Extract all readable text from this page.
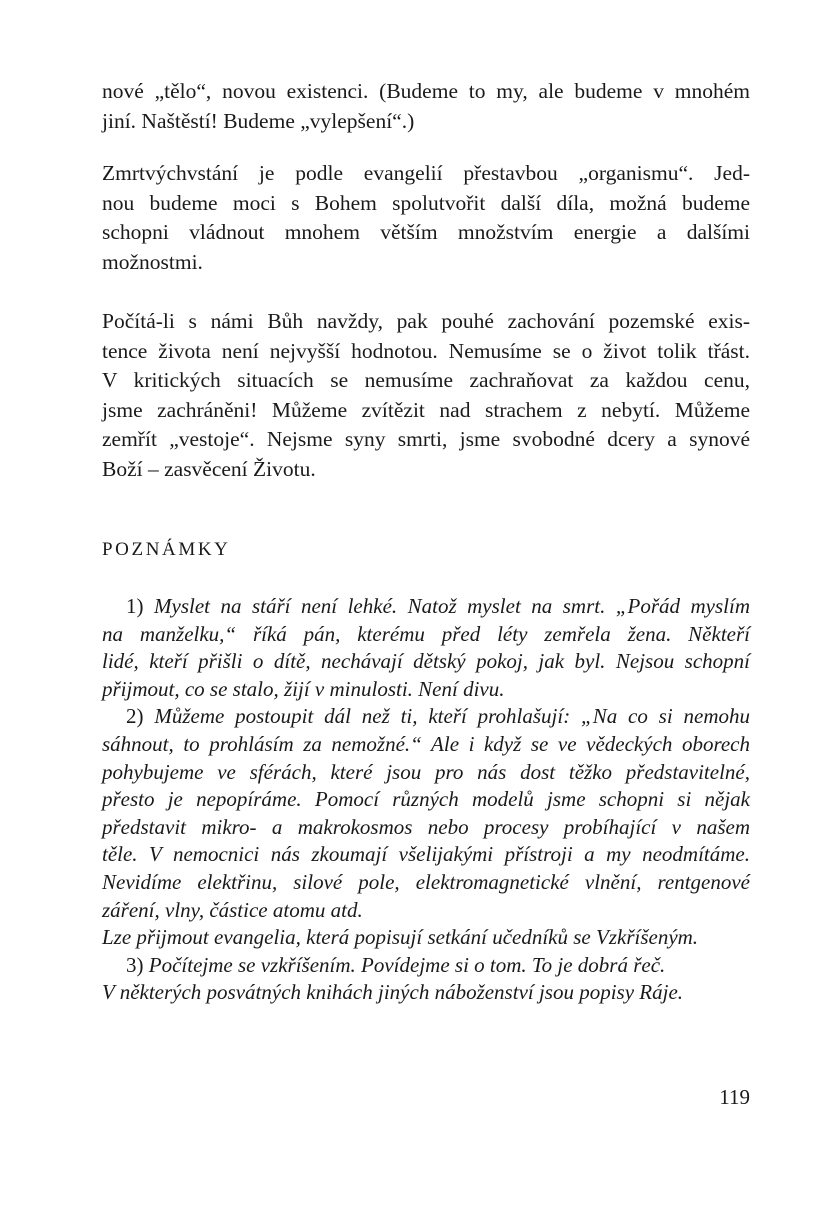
nové „tělo“, novou existenci. (Budeme to my, ale budeme v mnohém
jiní. Naštěstí! Budeme „vylepšení“.)
Zmrtvýchvstání je podle evangelií přestavbou „organismu“. Jed-
nou budeme moci s Bohem spolutvořit další díla, možná budeme
schopni vládnout mnohem větším množstvím energie a dalšími
možnostmi.
Počítá-li s námi Bůh navždy, pak pouhé zachování pozemské exis-
tence života není nejvyšší hodnotou. Nemusíme se o život tolik třást.
V kritických situacích se nemusíme zachraňovat za každou cenu,
jsme zachráněni! Můžeme zvítězit nad strachem z nebytí. Můžeme
zemřít „vestoje“. Nejsme syny smrti, jsme svobodné dcery a synové
Boží – zasvěcení Životu.
POZNÁMKY
1) Myslet na stáří není lehké. Natož myslet na smrt. „Pořád myslím
na manželku,“ říká pán, kterému před léty zemřela žena. Někteří
lidé, kteří přišli o dítě, nechávají dětský pokoj, jak byl. Nejsou schopní
přijmout, co se stalo, žijí v minulosti. Není divu.
2) Můžeme postoupit dál než ti, kteří prohlašují: „Na co si nemohu
sáhnout, to prohlásím za nemožné.“ Ale i když se ve vědeckých oborech
pohybujeme ve sférách, které jsou pro nás dost těžko představitelné,
přesto je nepopíráme. Pomocí různých modelů jsme schopni si nějak
představit mikro- a makrokosmos nebo procesy probíhající v našem
těle. V nemocnici nás zkoumají všelijakými přístroji a my neodmítáme.
Nevidíme elektřinu, silové pole, elektromagnetické vlnění, rentgenové
záření, vlny, částice atomu atd.
Lze přijmout evangelia, která popisují setkání učedníků se Vzkříšeným.
3) Počítejme se vzkříšením. Povídejme si o tom. To je dobrá řeč.
V některých posvátných knihách jiných náboženství jsou popisy Ráje.
119
